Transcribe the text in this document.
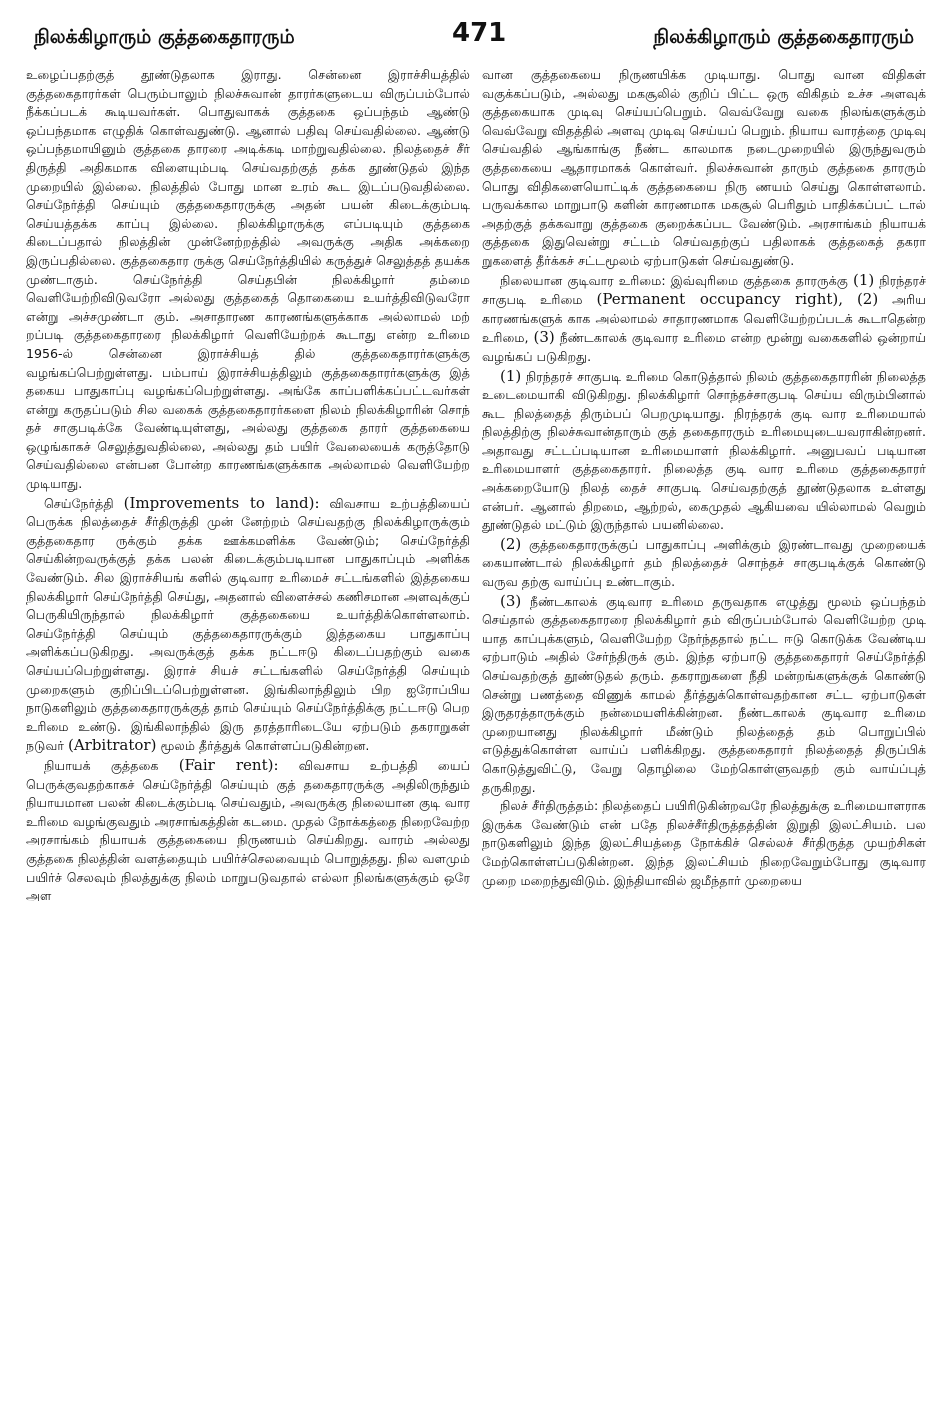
நிலக்கிழாரும் குத்தகைதாரரும்	471	நிலக்கிழாரும் குத்தகைதாரரும்

உழைப்பதற்குத் தூண்டுதலாக இராது. சென்னை இராச்சியத்தில் குத்தகைதாரர்கள் பெரும்பாலும் நிலச்சுவான் தாரர்களுடைய விருப்பம்போல் நீக்கப்படக் கூடியவர்கள். பொதுவாகக் குத்தகை ஒப்பந்தம் ஆண்டு ஒப்பந்தமாக எழுதிக் கொள்வதுண்டு. ஆனால் பதிவு செய்வதில்லை. ஆண்டு ஒப்பந்தமாயினும் குத்தகை தாரரை அடிக்கடி மாற்றுவதில்லை. நிலத்தைச் சீர் திருத்தி அதிகமாக விளையும்படி செய்வதற்குத் தக்க தூண்டுதல் இந்த முறையில் இல்லை. நிலத்தில் போது மான உரம் கூட இடப்படுவதில்லை. செய்நேர்த்தி செய்யும் குத்தகைதாரருக்கு அதன் பயன் கிடைக்கும்படி செய்யத்தக்க காப்பு இல்லை. நிலக்கிழாருக்கு எப்படியும் குத்தகை கிடைப்பதால் நிலத்தின் முன்னேற்றத்தில் அவருக்கு அதிக அக்கறை இருப்பதில்லை. குத்தகைதார ருக்கு செய்நேர்த்தியில் கருத்துச் செலுத்தத் தயக்க முண்டாகும். செய்நேர்த்தி செய்தபின் நிலக்கிழார் தம்மை வெளியேற்றிவிடுவரோ அல்லது குத்தகைத் தொகையை உயர்த்திவிடுவரோ என்று அச்சமுண்டா கும். அசாதாரண காரணங்களுக்காக அல்லாமல் மற் றப்படி குத்தகைதாரரை நிலக்கிழார் வெளியேற்றக் கூடாது என்ற உரிமை 1956-ல் சென்னை இராச்சியத் தில் குத்தகைதாரர்களுக்கு வழங்கப்பெற்றுள்ளது. பம்பாய் இராச்சியத்திலும் குத்தகைதாரர்களுக்கு இத் தகைய பாதுகாப்பு வழங்கப்பெற்றுள்ளது. அங்கே காப்பளிக்கப்பட்டவர்கள் என்று கருதப்படும் சில வகைக் குத்தகைதாரர்களை நிலம் நிலக்கிழாரின் சொந் தச் சாகுபடிக்கே வேண்டியுள்ளது, அல்லது குத்தகை தாரர் குத்தகையை ஒழுங்காகச் செலுத்துவதில்லை, அல்லது தம் பயிர் வேலையைக் கருத்தோடு செய்வதில்லை என்பன போன்ற காரணங்களுக்காக அல்லாமல் வெளியேற்ற முடியாது.

செய்நேர்த்தி (Improvements to land): விவசாய உற்பத்தியைப் பெருக்க நிலத்தைச் சீர்திருத்தி முன் னேற்றம் செய்வதற்கு நிலக்கிழாருக்கும் குத்தகைதார ருக்கும் தக்க ஊக்கமளிக்க வேண்டும்; செய்நேர்த்தி செய்கின்றவருக்குத் தக்க பலன் கிடைக்கும்படியான பாதுகாப்பும் அளிக்க வேண்டும். சில இராச்சியங் களில் குடிவார உரிமைச் சட்டங்களில் இத்தகைய நிலக்கிழார் செய்நேர்த்தி செய்து, அதனால் விளைச்சல் கணிசமான அளவுக்குப் பெருகியிருந்தால் நிலக்கிழார் குத்தகையை உயர்த்திக்கொள்ளலாம். செய்நேர்த்தி செய்யும் குத்தகைதாரருக்கும் இத்தகைய பாதுகாப்பு அளிக்கப்படுகிறது. அவருக்குத் தக்க நட்டஈடு கிடைப்பதற்கும் வகை செய்யப்பெற்றுள்ளது. இராச் சியச் சட்டங்களில் செய்நேர்த்தி செய்யும் முறைகளும் குறிப்பிடப்பெற்றுள்ளன. இங்கிலாந்திலும் பிற ஐரோப்பிய நாடுகளிலும் குத்தகைதாரருக்குத் தாம் செய்யும் செய்நேர்த்திக்கு நட்டஈடு பெற உரிமை உண்டு. இங்கிலாந்தில் இரு தரத்தாரிடையே ஏற்படும் தகராறுகள் நடுவர் (Arbitrator) மூலம் தீர்த்துக் கொள்ளப்படுகின்றன.

நியாயக் குத்தகை (Fair rent): விவசாய உற்பத்தி யைப் பெருக்குவதற்காகச் செய்நேர்த்தி செய்யும் குத் தகைதாரருக்கு அதிலிருந்தும் நியாயமான பலன் கிடைக்கும்படி செய்வதும், அவருக்கு நிலையான குடி வார உரிமை வழங்குவதும் அரசாங்கத்தின் கடமை. முதல் நோக்கத்தை நிறைவேற்ற அரசாங்கம் நியாயக் குத்தகையை நிருணயம் செய்கிறது. வாரம் அல்லது குத்தகை நிலத்தின் வளத்தையும் பயிர்ச்செலவையும் பொறுத்தது. நில வளமும் பயிர்ச் செலவும் நிலத்துக்கு நிலம் மாறுபடுவதால் எல்லா நிலங்களுக்கும் ஒரே அள

வான குத்தகையை நிருணயிக்க முடியாது. பொது வான விதிகள் வகுக்கப்படும், அல்லது மகசூலில் குறிப் பிட்ட ஒரு விகிதம் உச்ச அளவுக் குத்தகையாக முடிவு செய்யப்பெறும். வெவ்வேறு வகை நிலங்களுக்கும் வெவ்வேறு விதத்தில் அளவு முடிவு செய்யப் பெறும். நியாய வாரத்தை முடிவு செய்வதில் ஆங்காங்கு நீண்ட காலமாக நடைமுறையில் இருந்துவரும் குத்தகையை ஆதாரமாகக் கொள்வர். நிலச்சுவான் தாரும் குத்தகை தாரரும் பொது விதிகளையொட்டிக் குத்தகையை நிரு ணயம் செய்து கொள்ளலாம். பருவக்கால மாறுபாடு களின் காரணமாக மகசூல் பெரிதும் பாதிக்கப்பட் டால் அதற்குத் தக்கவாறு குத்தகை குறைக்கப்பட வேண்டும். அரசாங்கம் நியாயக் குத்தகை இதுவென்று சட்டம் செய்வதற்குப் பதிலாகக் குத்தகைத் தகரா றுகளைத் தீர்க்கச் சட்டமூலம் ஏற்பாடுகள் செய்வதுண்டு.

நிலையான குடிவார உரிமை: இவ்வுரிமை குத்தகை தாரருக்கு (1) நிரந்தரச் சாகுபடி உரிமை (Permanent occupancy right), (2) அரிய காரணங்களுக் காக அல்லாமல் சாதாரணமாக வெளியேற்றப்படக் கூடாதென்ற உரிமை, (3) நீண்டகாலக் குடிவார உரிமை என்ற மூன்று வகைகளில் ஒன்றாய் வழங்கப் படுகிறது.

(1) நிரந்தரச் சாகுபடி உரிமை கொடுத்தால் நிலம் குத்தகைதாரரின் நிலைத்த உடைமையாகி விடுகிறது. நிலக்கிழார் சொந்தச்சாகுபடி செய்ய விரும்பினால் கூட நிலத்தைத் திரும்பப் பெறமுடியாது. நிரந்தரக் குடி வார உரிமையால் நிலத்திற்கு நிலச்சுவான்தாரும் குத் தகைதாரரும் உரிமையுடையவராகின்றனர். அதாவது சட்டப்படியான உரிமையாளர் நிலக்கிழார். அனுபவப் படியான உரிமையாளர் குத்தகைதாரர். நிலைத்த குடி வார உரிமை குத்தகைதாரர் அக்கறையோடு நிலத் தைச் சாகுபடி செய்வதற்குத் தூண்டுதலாக உள்ளது என்பர். ஆனால் திறமை, ஆற்றல், கைமுதல் ஆகியவை யில்லாமல் வெறும் தூண்டுதல் மட்டும் இருந்தால் பயனில்லை.

(2) குத்தகைதாரருக்குப் பாதுகாப்பு அளிக்கும் இரண்டாவது முறையைக் கையாண்டால் நிலக்கிழார் தம் நிலத்தைச் சொந்தச் சாகுபடிக்குக் கொண்டு வருவ தற்கு வாய்ப்பு உண்டாகும்.

(3) நீண்டகாலக் குடிவார உரிமை தருவதாக எழுத்து மூலம் ஒப்பந்தம் செய்தால் குத்தகைதாரரை நிலக்கிழார் தம் விருப்பம்போல் வெளியேற்ற முடி யாத காப்புக்களும், வெளியேற்ற நேர்ந்ததால் நட்ட ஈடு கொடுக்க வேண்டிய ஏற்பாடும் அதில் சேர்ந்திருக் கும். இந்த ஏற்பாடு குத்தகைதாரர் செய்நேர்த்தி செய்வதற்குத் தூண்டுதல் தரும். தகராறுகளை நீதி மன்றங்களுக்குக் கொண்டு சென்று பணத்தை விணுக் காமல் தீர்த்துக்கொள்வதற்கான சட்ட ஏற்பாடுகள் இருதரத்தாருக்கும் நன்மையளிக்கின்றன. நீண்டகாலக் குடிவார உரிமை முறையானது நிலக்கிழார் மீண்டும் நிலத்தைத் தம் பொறுப்பில் எடுத்துக்கொள்ள வாய்ப் பளிக்கிறது. குத்தகைதாரர் நிலத்தைத் திருப்பிக் கொடுத்துவிட்டு, வேறு தொழிலை மேற்கொள்ளுவதற் கும் வாய்ப்புத் தருகிறது.

நிலச் சீர்திருத்தம்: நிலத்தைப் பயிரிடுகின்றவரே நிலத்துக்கு உரிமையாளராக இருக்க வேண்டும் என் பதே நிலச்சீர்திருத்தத்தின் இறுதி இலட்சியம். பல நாடுகளிலும் இந்த இலட்சியத்தை நோக்கிச் செல்லச் சீர்திருத்த முயற்சிகள் மேற்கொள்ளப்படுகின்றன. இந்த இலட்சியம் நிறைவேறும்போது குடிவார முறை மறைந்துவிடும். இந்தியாவில் ஜமீந்தார் முறையை
